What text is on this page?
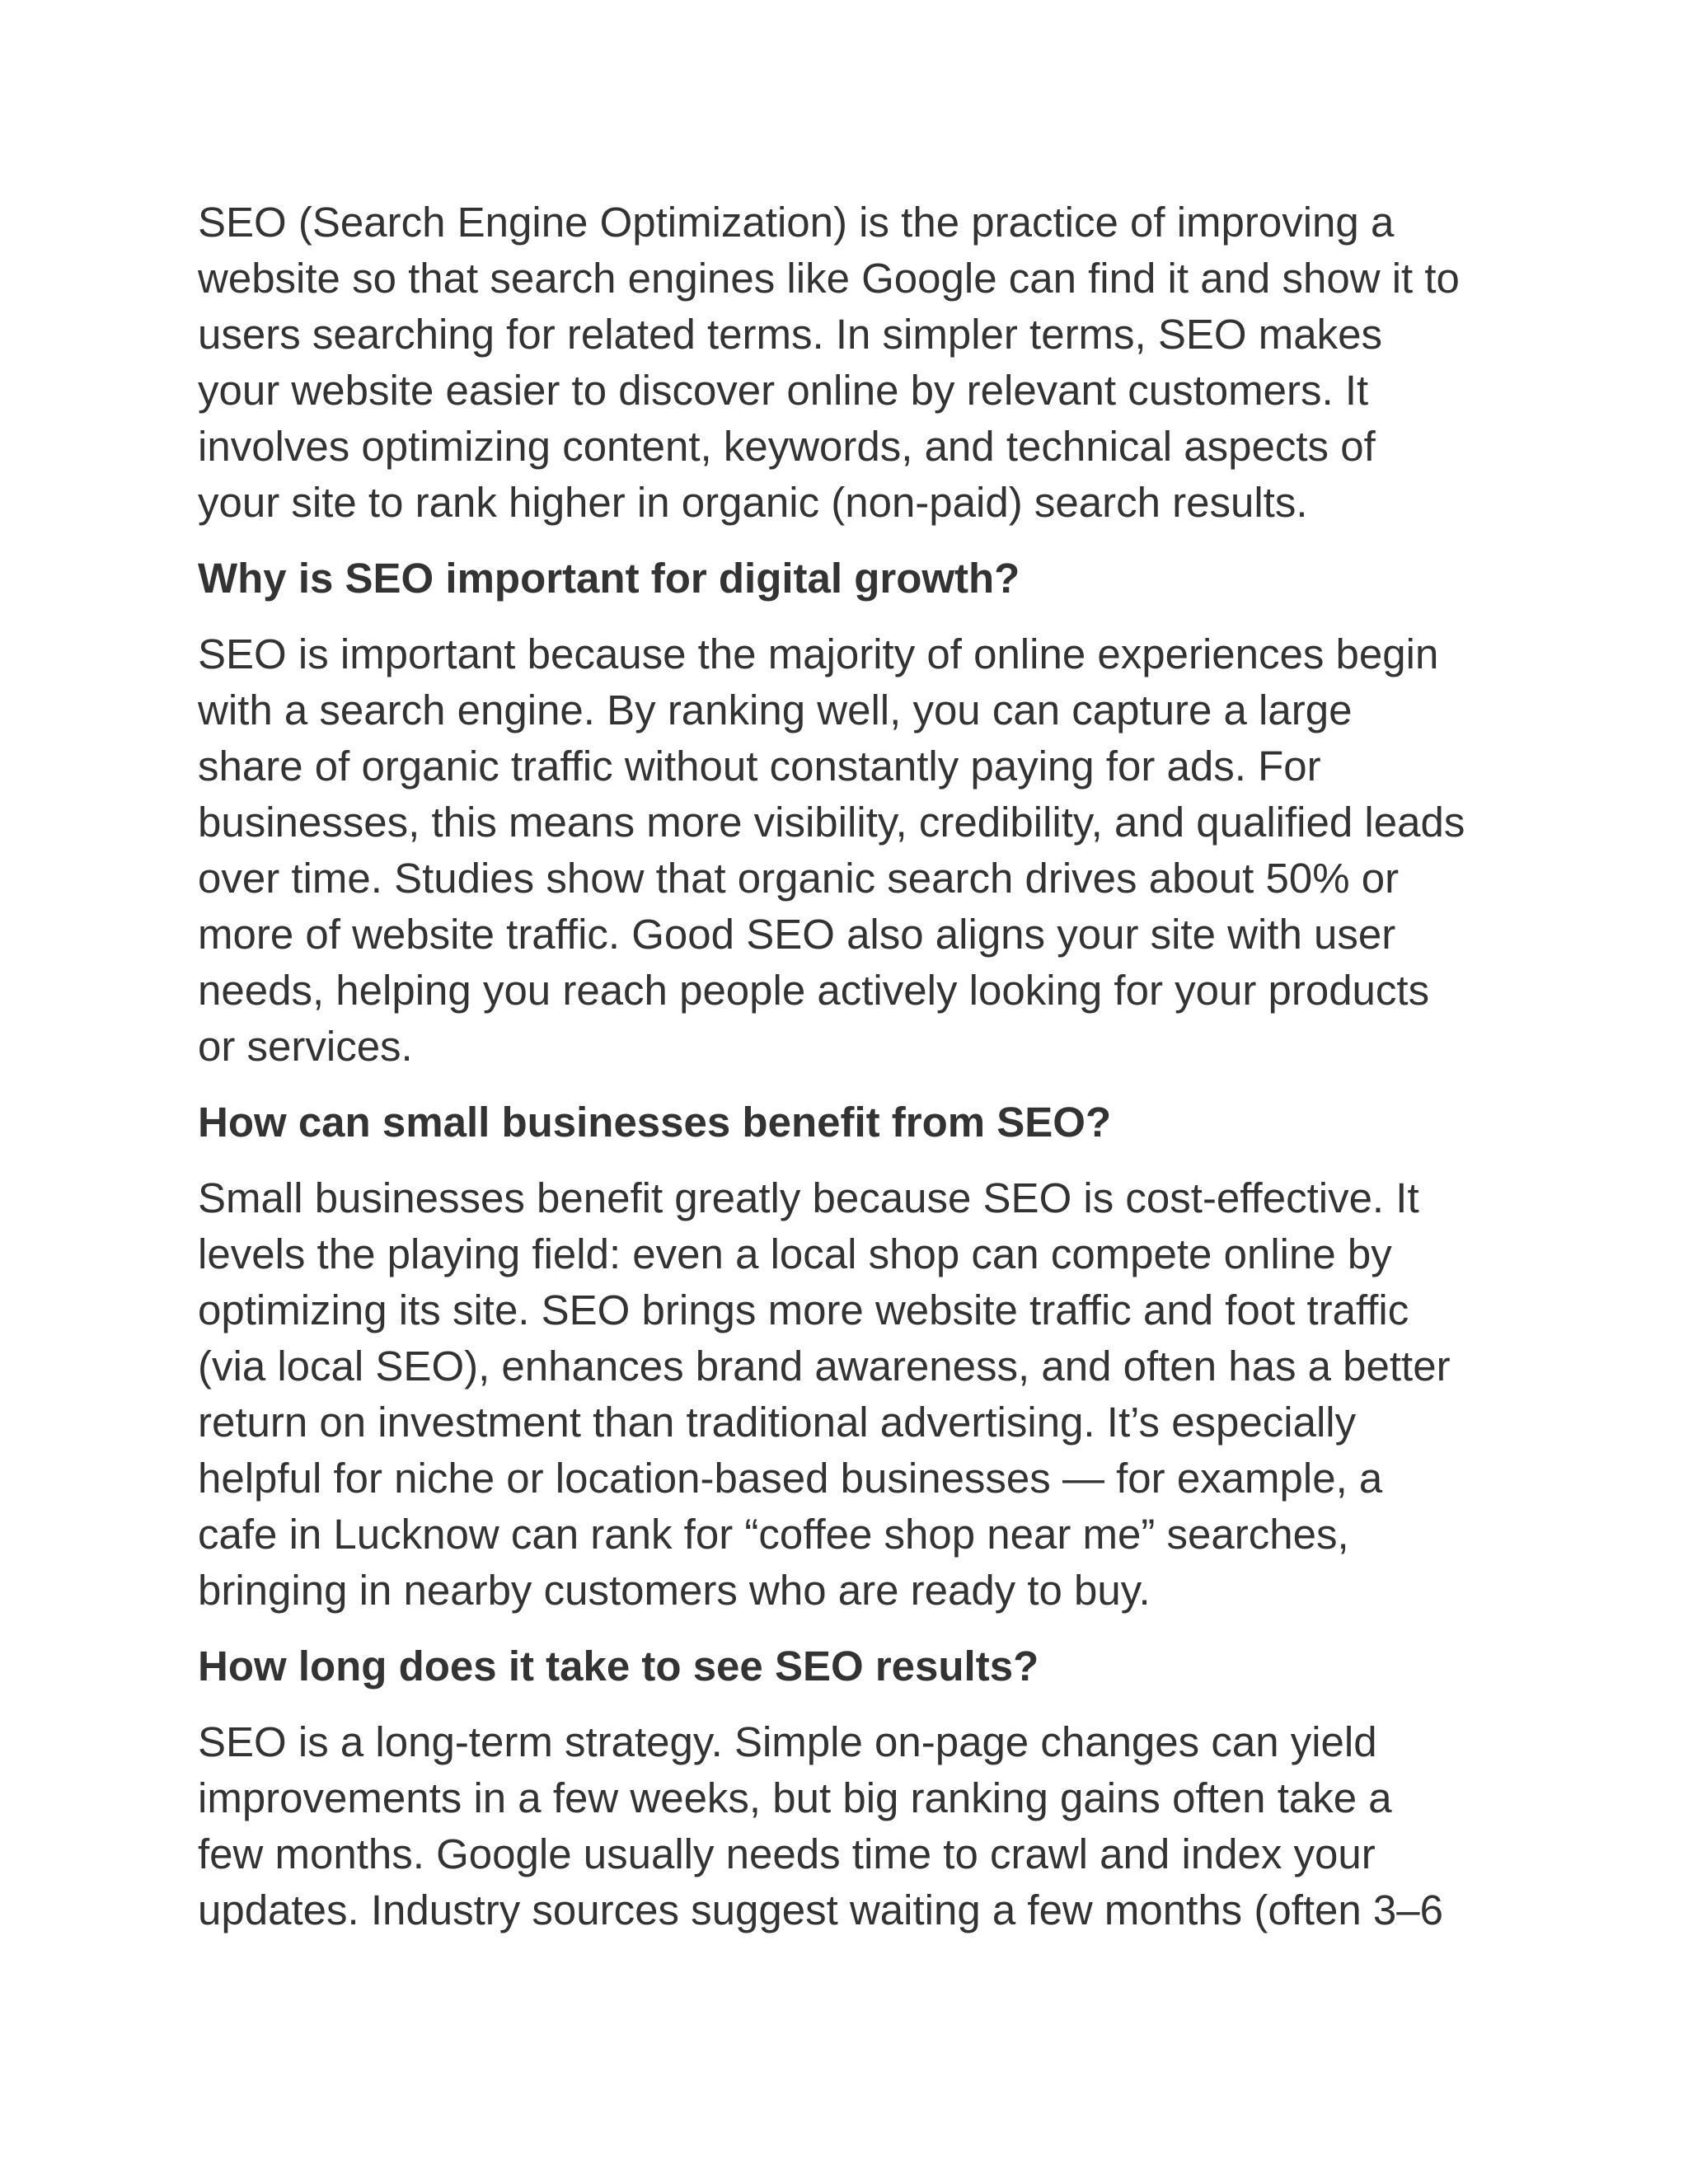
SEO (Search Engine Optimization) is the practice of improving a
website so that search engines like Google can find it and show it to
users searching for related terms. In simpler terms, SEO makes
your website easier to discover online by relevant customers. It
involves optimizing content, keywords, and technical aspects of
your site to rank higher in organic (non-paid) search results.

Why is SEO important for digital growth?

SEO is important because the majority of online experiences begin
with a search engine. By ranking well, you can capture a large
share of organic traffic without constantly paying for ads. For
businesses, this means more visibility, credibility, and qualified leads
over time. Studies show that organic search drives about 50% or
more of website traffic. Good SEO also aligns your site with user
needs, helping you reach people actively looking for your products
or services.

How can small businesses benefit from SEO?

Small businesses benefit greatly because SEO is cost-effective. It
levels the playing field: even a local shop can compete online by
optimizing its site. SEO brings more website traffic and foot traffic
(via local SEO), enhances brand awareness, and often has a better
return on investment than traditional advertising. It’s especially
helpful for niche or location-based businesses — for example, a
cafe in Lucknow can rank for “coffee shop near me” searches,
bringing in nearby customers who are ready to buy.

How long does it take to see SEO results?

SEO is a long-term strategy. Simple on-page changes can yield
improvements in a few weeks, but big ranking gains often take a
few months. Google usually needs time to crawl and index your
updates. Industry sources suggest waiting a few months (often 3–6
